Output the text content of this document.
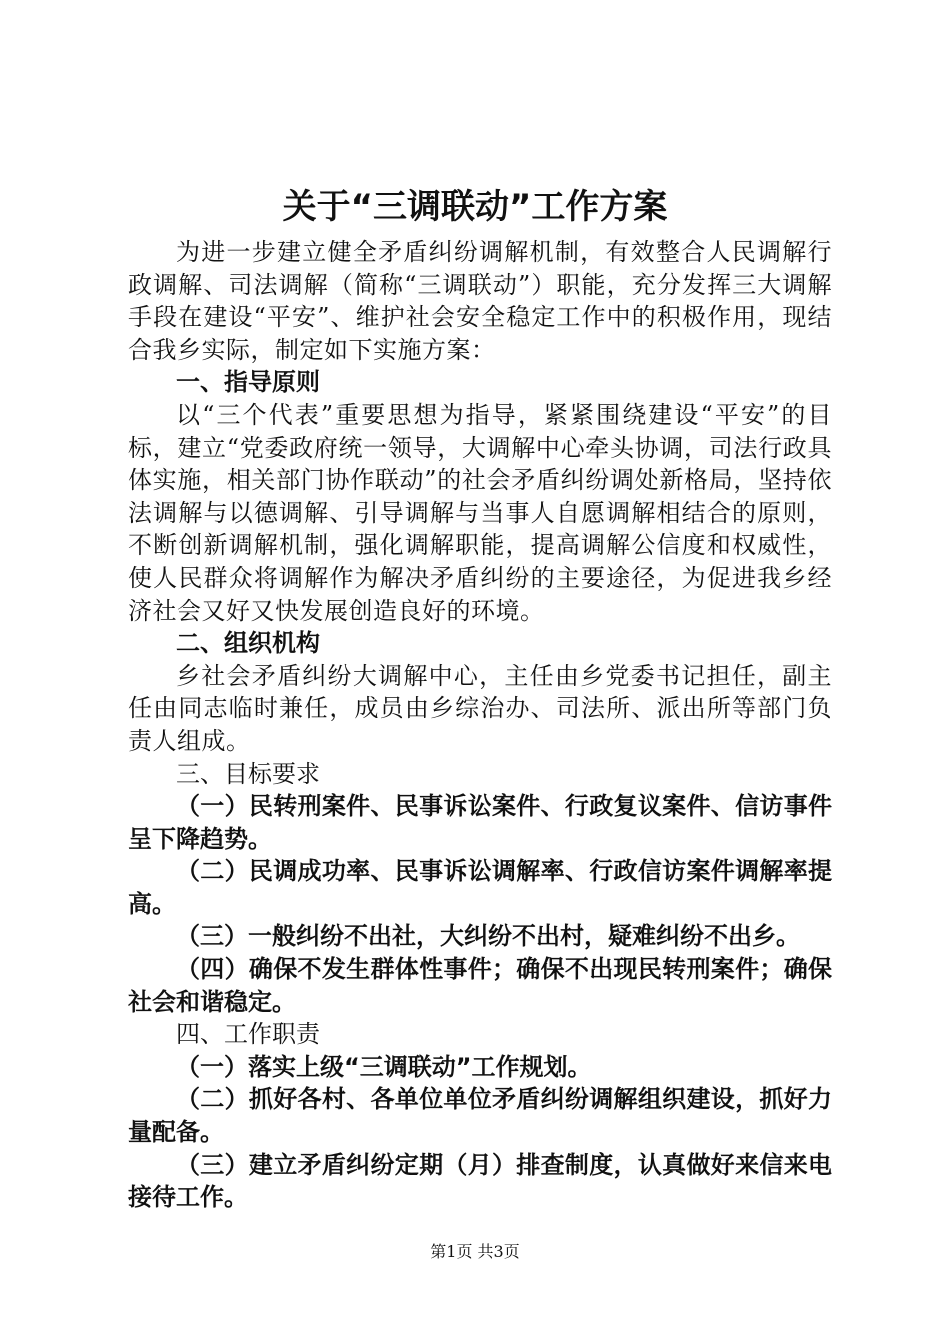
关于“三调联动”工作方案

为进一步建立健全矛盾纠纷调解机制，有效整合人民调解行政调解、司法调解（简称“三调联动”）职能，充分发挥三大调解手段在建设“平安”、维护社会安全稳定工作中的积极作用，现结合我乡实际，制定如下实施方案：

一、指导原则

以“三个代表”重要思想为指导，紧紧围绕建设“平安”的目标，建立“党委政府统一领导，大调解中心牵头协调，司法行政具体实施，相关部门协作联动”的社会矛盾纠纷调处新格局，坚持依法调解与以德调解、引导调解与当事人自愿调解相结合的原则，不断创新调解机制，强化调解职能，提高调解公信度和权威性，使人民群众将调解作为解决矛盾纠纷的主要途径，为促进我乡经济社会又好又快发展创造良好的环境。

二、组织机构

乡社会矛盾纠纷大调解中心，主任由乡党委书记担任，副主任由同志临时兼任，成员由乡综治办、司法所、派出所等部门负责人组成。

三、目标要求

（一）民转刑案件、民事诉讼案件、行政复议案件、信访事件呈下降趋势。

（二）民调成功率、民事诉讼调解率、行政信访案件调解率提高。

（三）一般纠纷不出社，大纠纷不出村，疑难纠纷不出乡。

（四）确保不发生群体性事件；确保不出现民转刑案件；确保社会和谐稳定。

四、工作职责

（一）落实上级“三调联动”工作规划。

（二）抓好各村、各单位单位矛盾纠纷调解组织建设，抓好力量配备。

（三）建立矛盾纠纷定期（月）排查制度，认真做好来信来电接待工作。

第1页 共3页
